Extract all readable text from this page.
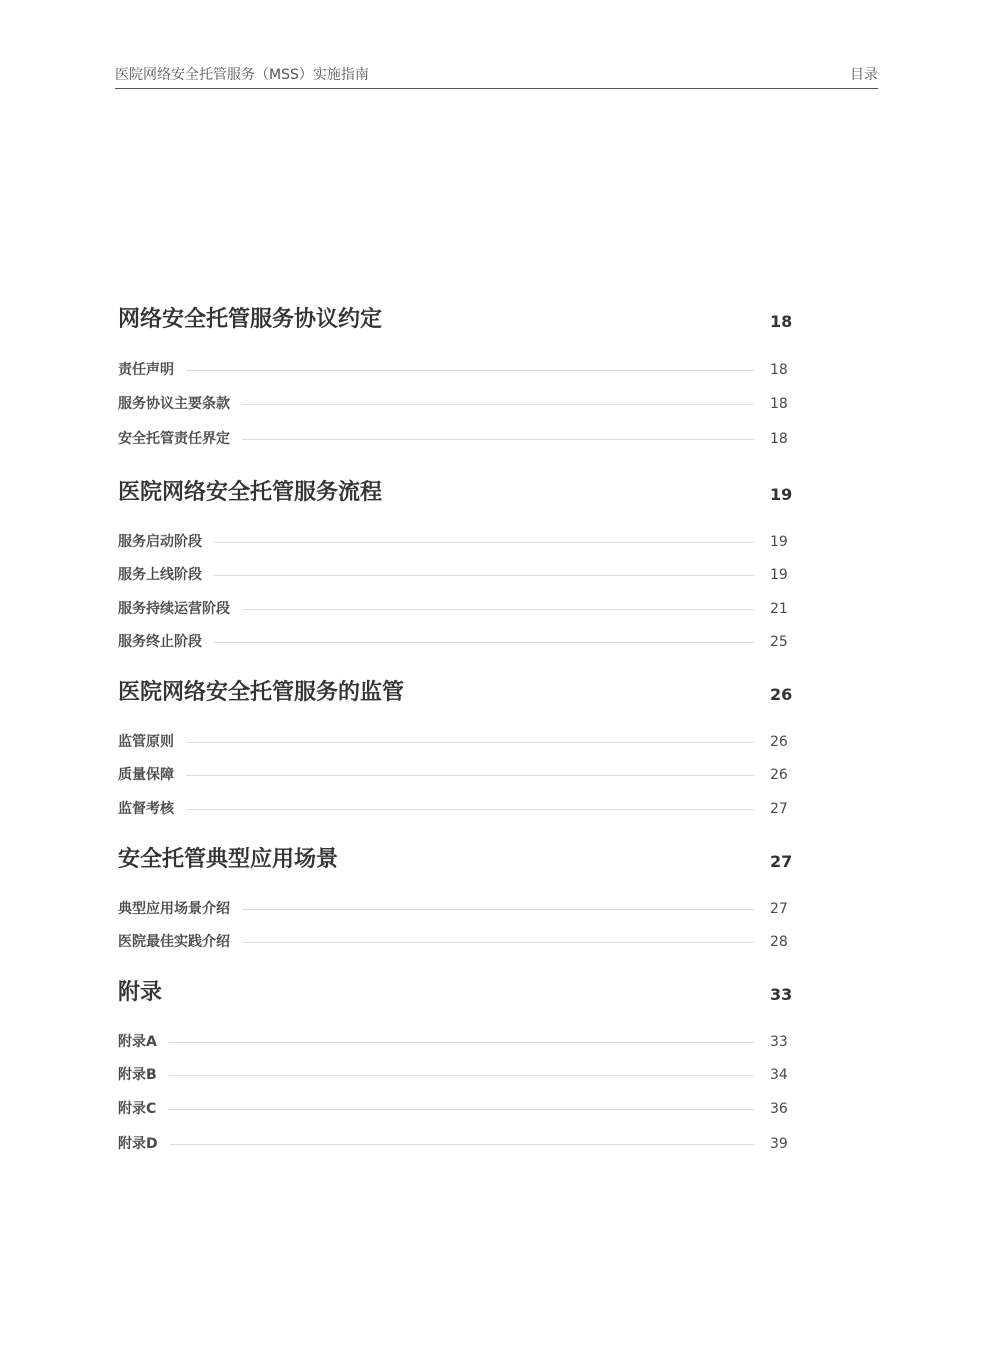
医院网络安全托管服务（MSS）实施指南	目录
网络安全托管服务协议约定	18
责任声明	18
服务协议主要条款	18
安全托管责任界定	18
医院网络安全托管服务流程	19
服务启动阶段	19
服务上线阶段	19
服务持续运营阶段	21
服务终止阶段	25
医院网络安全托管服务的监管	26
监管原则	26
质量保障	26
监督考核	27
安全托管典型应用场景	27
典型应用场景介绍	27
医院最佳实践介绍	28
附录	33
附录A	33
附录B	34
附录C	36
附录D	39
